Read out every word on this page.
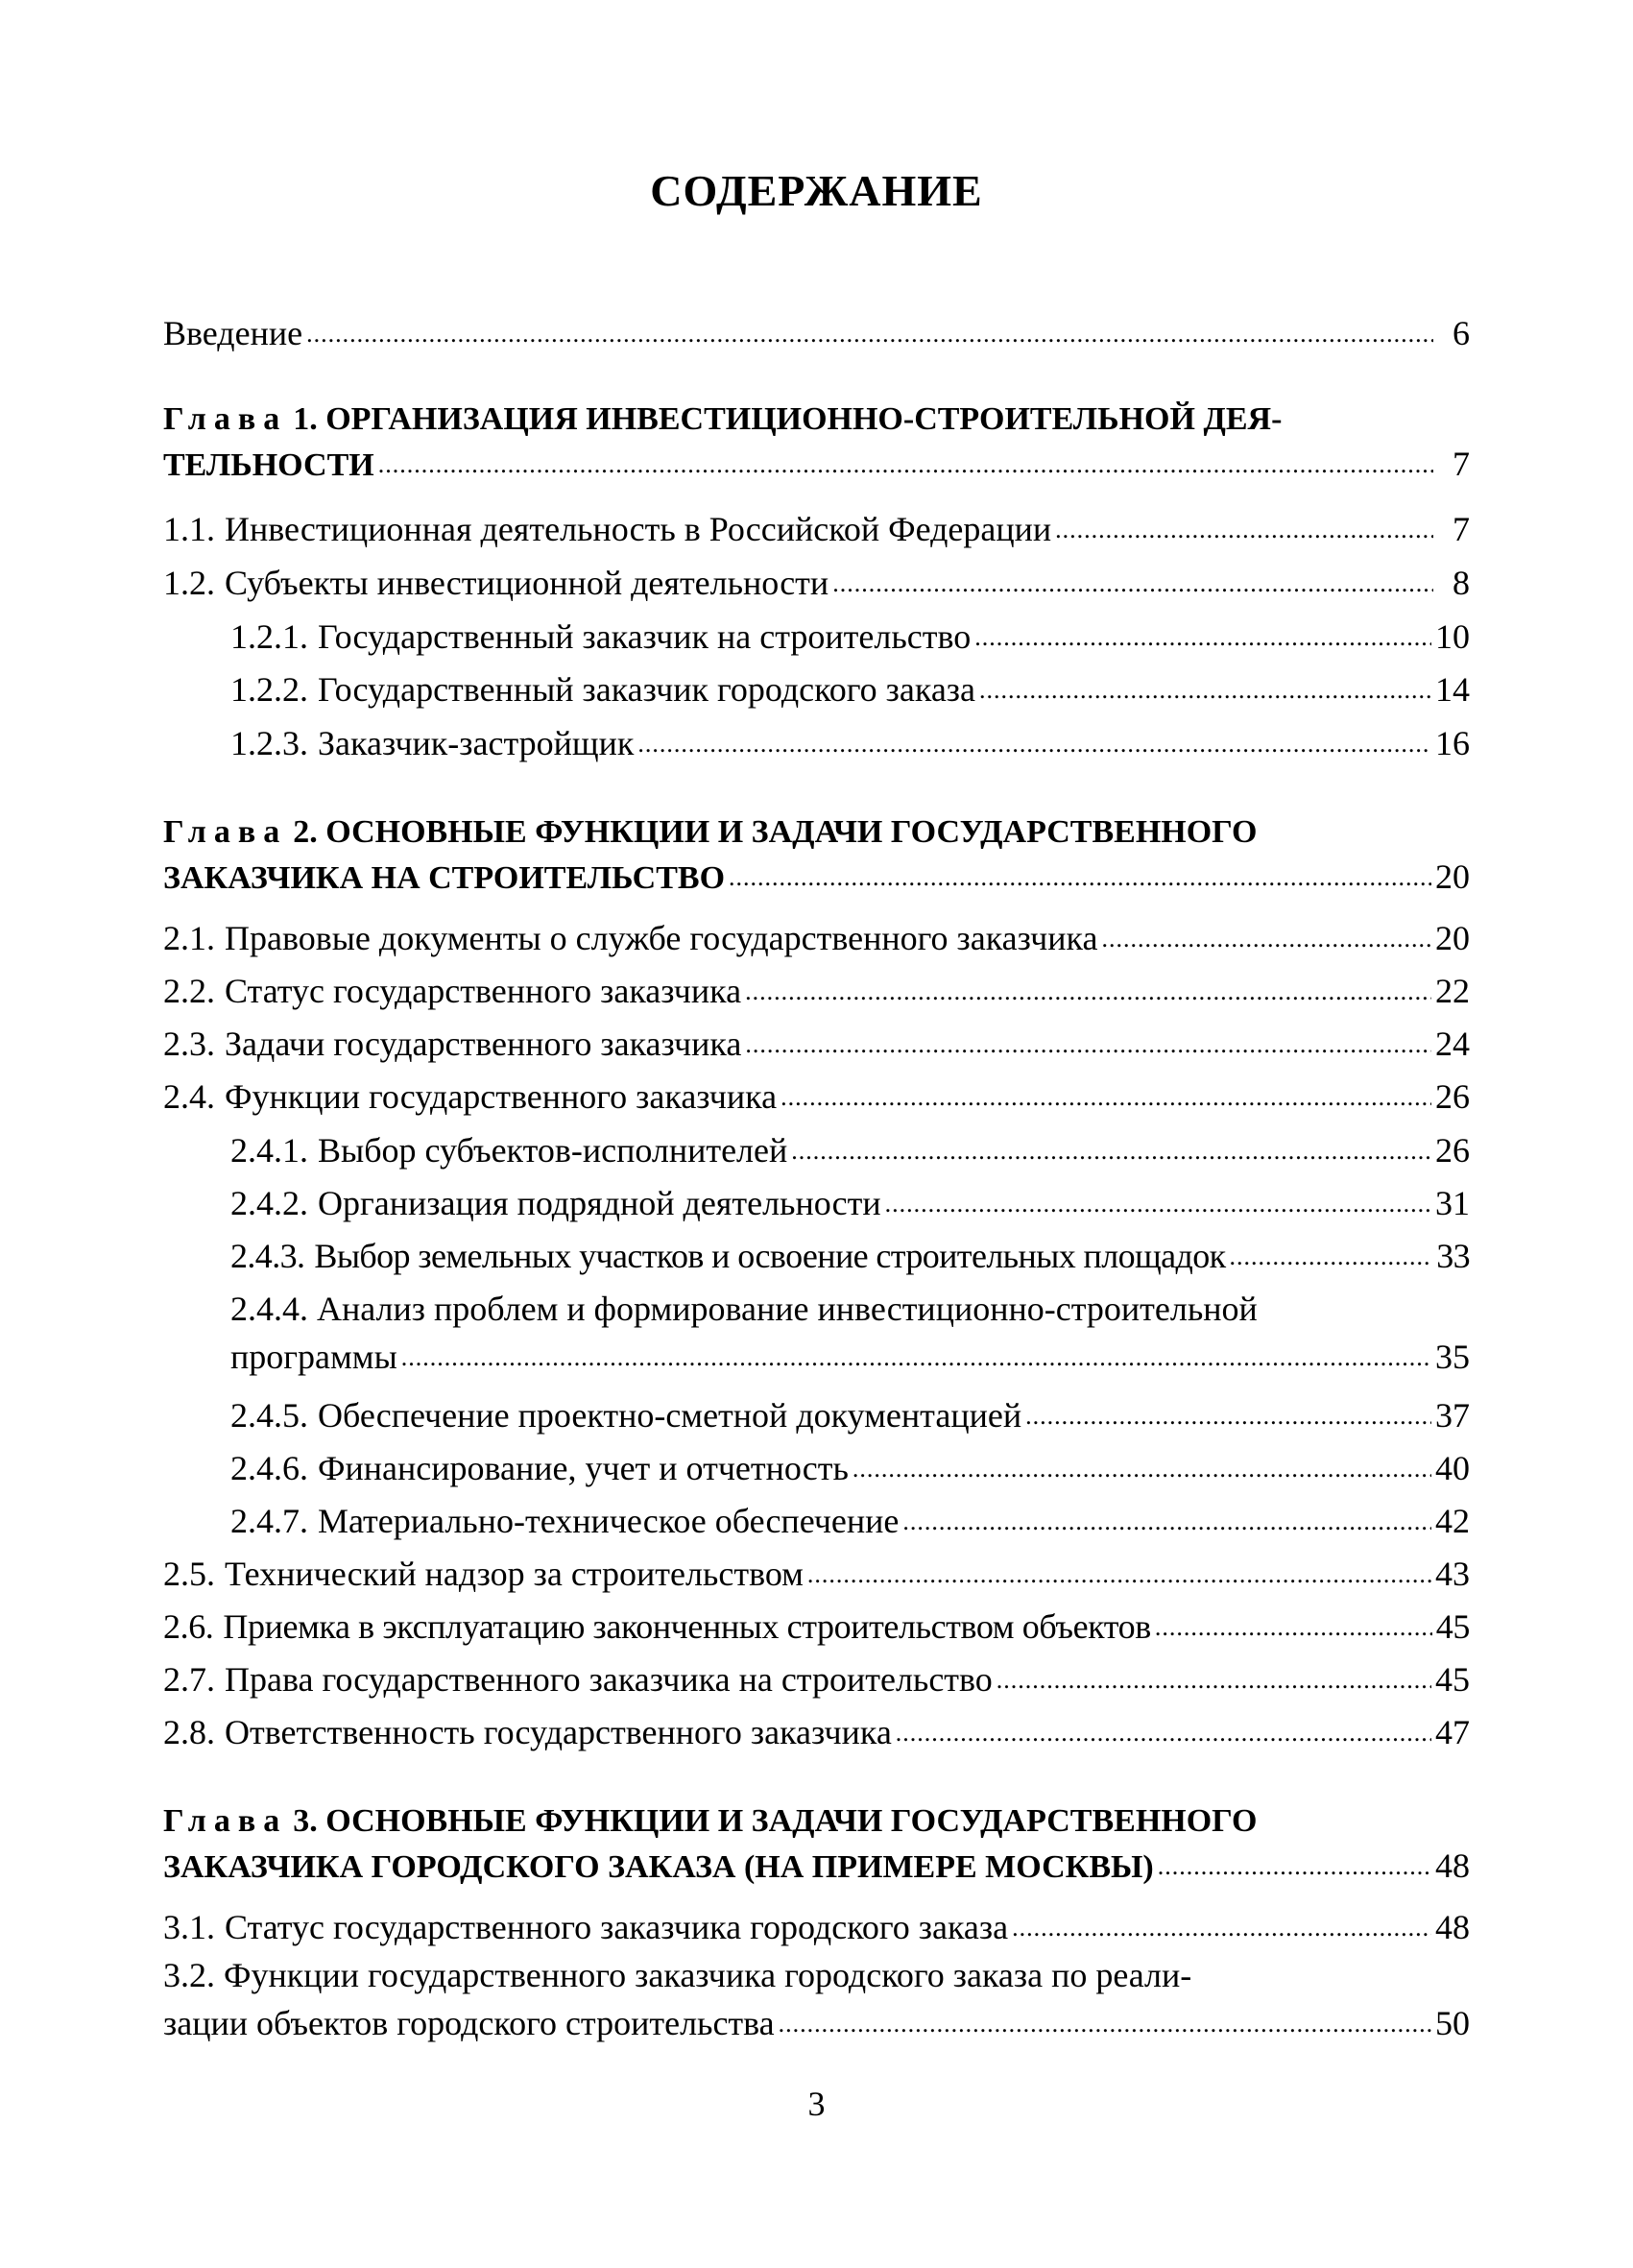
СОДЕРЖАНИЕ
Введение .....	6
Глава 1. ОРГАНИЗАЦИЯ ИНВЕСТИЦИОННО-СТРОИТЕЛЬНОЙ ДЕЯ-
ТЕЛЬНОСТИ .....	7
1.1. Инвестиционная деятельность в Российской Федерации .....	7
1.2. Субъекты инвестиционной деятельности .....	8
1.2.1. Государственный заказчик на строительство .....	10
1.2.2. Государственный заказчик городского заказа .....	14
1.2.3. Заказчик-застройщик .....	16
Глава 2. ОСНОВНЫЕ ФУНКЦИИ И ЗАДАЧИ ГОСУДАРСТВЕННОГО
ЗАКАЗЧИКА НА СТРОИТЕЛЬСТВО .....	20
2.1. Правовые документы о службе государственного заказчика .....	20
2.2. Статус государственного заказчика .....	22
2.3. Задачи государственного заказчика .....	24
2.4. Функции государственного заказчика .....	26
2.4.1. Выбор субъектов-исполнителей .....	26
2.4.2. Организация подрядной деятельности .....	31
2.4.3. Выбор земельных участков и освоение строительных площадок .....	33
2.4.4. Анализ проблем и формирование инвестиционно-строительной
программы .....	35
2.4.5. Обеспечение проектно-сметной документацией .....	37
2.4.6. Финансирование, учет и отчетность .....	40
2.4.7. Материально-техническое обеспечение .....	42
2.5. Технический надзор за строительством .....	43
2.6. Приемка в эксплуатацию законченных строительством объектов .....	45
2.7. Права государственного заказчика на строительство .....	45
2.8. Ответственность государственного заказчика .....	47
Глава 3. ОСНОВНЫЕ ФУНКЦИИ И ЗАДАЧИ ГОСУДАРСТВЕННОГО
ЗАКАЗЧИКА ГОРОДСКОГО ЗАКАЗА (НА ПРИМЕРЕ МОСКВЫ) .....	48
3.1. Статус государственного заказчика городского заказа .....	48
3.2. Функции государственного заказчика городского заказа по реали-
зации объектов городского строительства .....	50
3
